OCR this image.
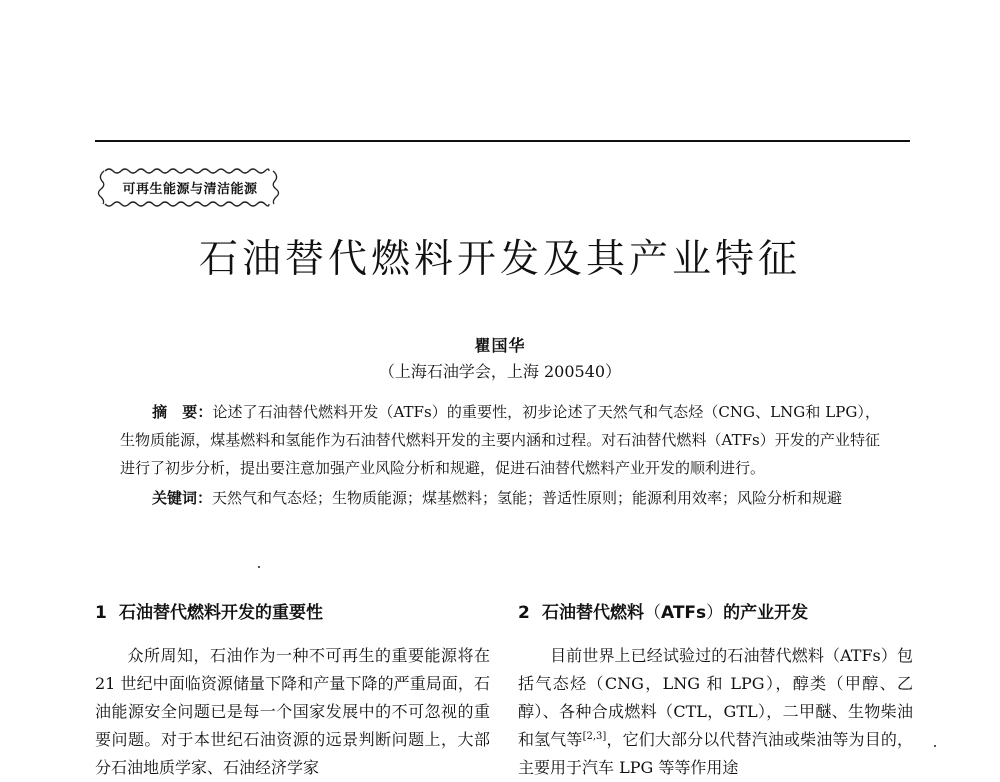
可再生能源与清洁能源
石油替代燃料开发及其产业特征
瞿国华
（上海石油学会，上海 200540）

摘　要：论述了石油替代燃料开发（ATFs）的重要性，初步论述了天然气和气态烃（CNG、LNG和 LPG），生物质能源，煤基燃料和氢能作为石油替代燃料开发的主要内涵和过程。对石油替代燃料（ATFs）开发的产业特征进行了初步分析，提出要注意加强产业风险分析和规避，促进石油替代燃料产业开发的顺利进行。

关键词：天然气和气态烃；生物质能源；煤基燃料；氢能；普适性原则；能源利用效率；风险分析和规避

1 石油替代燃料开发的重要性

众所周知，石油作为一种不可再生的重要能源将在 21 世纪中面临资源储量下降和产量下降的严重局面，石油能源安全问题已是每一个国家发展中的不可忽视的重要问题。对于本世纪石油资源的远景判断问题上，大部分石油地质学家、石油经济学家

2 石油替代燃料（ATFs）的产业开发

目前世界上已经试验过的石油替代燃料（ATFs）包括气态烃（CNG，LNG 和 LPG），醇类（甲醇、乙醇）、各种合成燃料（CTL，GTL），二甲醚、生物柴油和氢气等[2,3]，它们大部分以代替汽油或柴油等为目的，主要用于汽车 LPG 等等作用途
